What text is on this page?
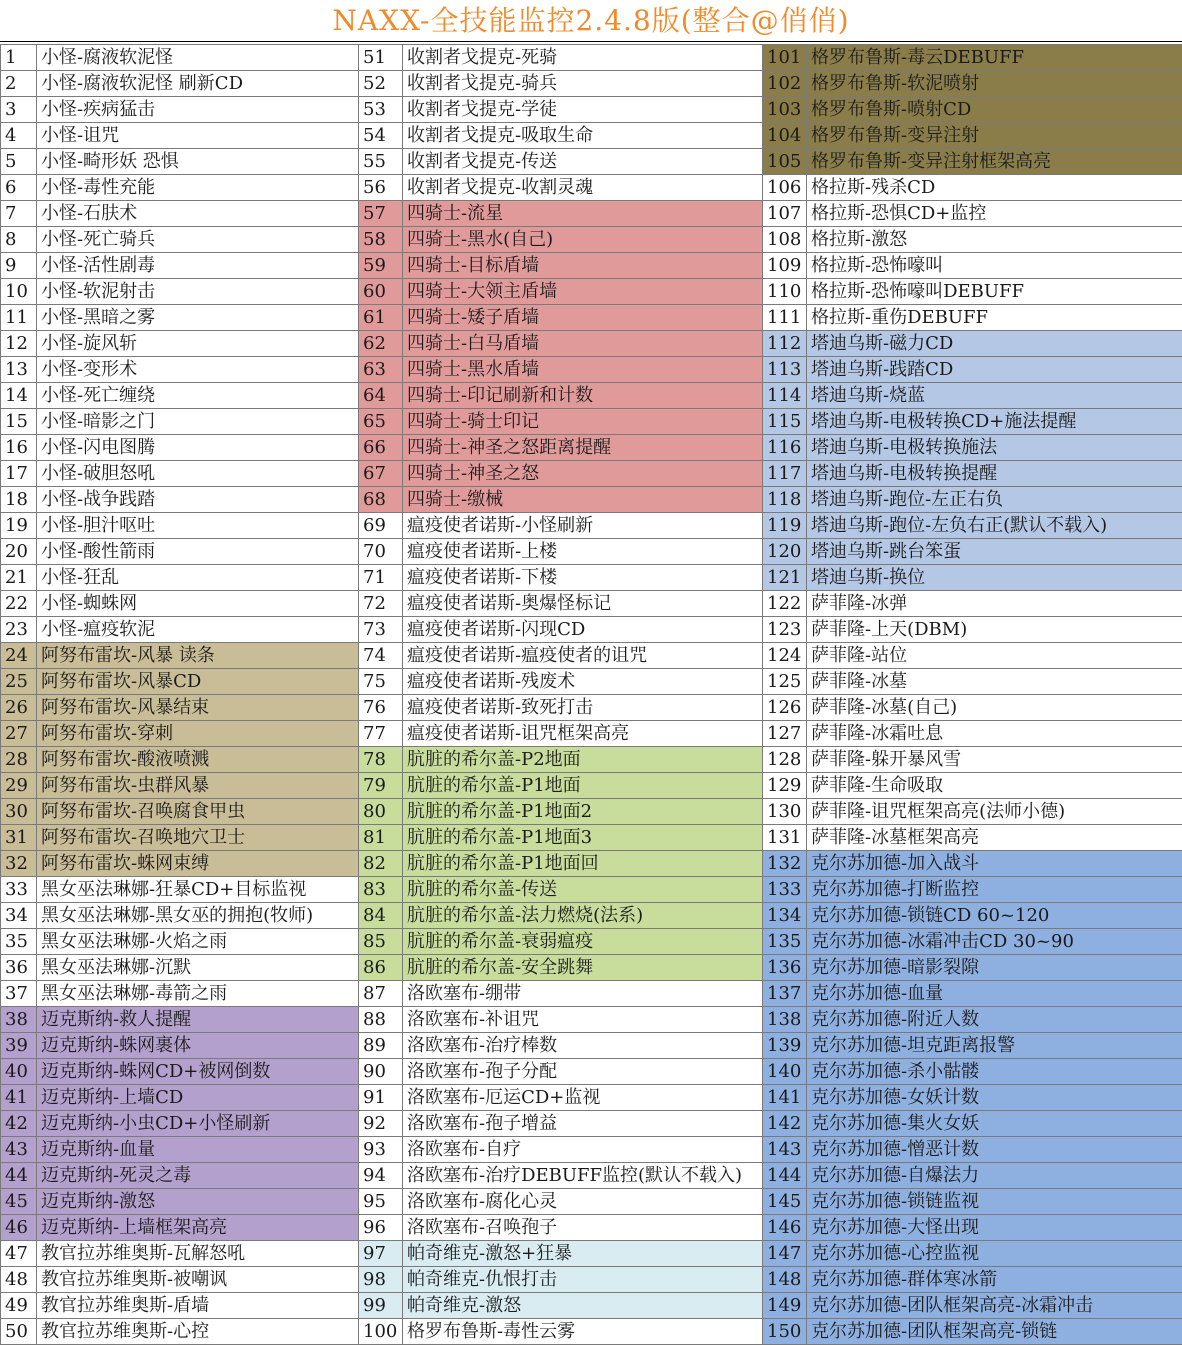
NAXX-全技能监控2.4.8版(整合@俏俏)
1	小怪-腐液软泥怪	51	收割者戈提克-死骑	101	格罗布鲁斯-毒云DEBUFF
2	小怪-腐液软泥怪 刷新CD	52	收割者戈提克-骑兵	102	格罗布鲁斯-软泥喷射
3	小怪-疾病猛击	53	收割者戈提克-学徒	103	格罗布鲁斯-喷射CD
4	小怪-诅咒	54	收割者戈提克-吸取生命	104	格罗布鲁斯-变异注射
5	小怪-畸形妖 恐惧	55	收割者戈提克-传送	105	格罗布鲁斯-变异注射框架高亮
6	小怪-毒性充能	56	收割者戈提克-收割灵魂	106	格拉斯-残杀CD
7	小怪-石肤术	57	四骑士-流星	107	格拉斯-恐惧CD+监控
8	小怪-死亡骑兵	58	四骑士-黑水(自己)	108	格拉斯-激怒
9	小怪-活性剧毒	59	四骑士-目标盾墙	109	格拉斯-恐怖嚎叫
10	小怪-软泥射击	60	四骑士-大领主盾墙	110	格拉斯-恐怖嚎叫DEBUFF
11	小怪-黑暗之雾	61	四骑士-矮子盾墙	111	格拉斯-重伤DEBUFF
12	小怪-旋风斩	62	四骑士-白马盾墙	112	塔迪乌斯-磁力CD
13	小怪-变形术	63	四骑士-黑水盾墙	113	塔迪乌斯-践踏CD
14	小怪-死亡缠绕	64	四骑士-印记刷新和计数	114	塔迪乌斯-烧蓝
15	小怪-暗影之门	65	四骑士-骑士印记	115	塔迪乌斯-电极转换CD+施法提醒
16	小怪-闪电图腾	66	四骑士-神圣之怒距离提醒	116	塔迪乌斯-电极转换施法
17	小怪-破胆怒吼	67	四骑士-神圣之怒	117	塔迪乌斯-电极转换提醒
18	小怪-战争践踏	68	四骑士-缴械	118	塔迪乌斯-跑位-左正右负
19	小怪-胆汁呕吐	69	瘟疫使者诺斯-小怪刷新	119	塔迪乌斯-跑位-左负右正(默认不载入)
20	小怪-酸性箭雨	70	瘟疫使者诺斯-上楼	120	塔迪乌斯-跳台笨蛋
21	小怪-狂乱	71	瘟疫使者诺斯-下楼	121	塔迪乌斯-换位
22	小怪-蜘蛛网	72	瘟疫使者诺斯-奥爆怪标记	122	萨菲隆-冰弹
23	小怪-瘟疫软泥	73	瘟疫使者诺斯-闪现CD	123	萨菲隆-上天(DBM)
24	阿努布雷坎-风暴 读条	74	瘟疫使者诺斯-瘟疫使者的诅咒	124	萨菲隆-站位
25	阿努布雷坎-风暴CD	75	瘟疫使者诺斯-残废术	125	萨菲隆-冰墓
26	阿努布雷坎-风暴结束	76	瘟疫使者诺斯-致死打击	126	萨菲隆-冰墓(自己)
27	阿努布雷坎-穿刺	77	瘟疫使者诺斯-诅咒框架高亮	127	萨菲隆-冰霜吐息
28	阿努布雷坎-酸液喷溅	78	肮脏的希尔盖-P2地面	128	萨菲隆-躲开暴风雪
29	阿努布雷坎-虫群风暴	79	肮脏的希尔盖-P1地面	129	萨菲隆-生命吸取
30	阿努布雷坎-召唤腐食甲虫	80	肮脏的希尔盖-P1地面2	130	萨菲隆-诅咒框架高亮(法师小德)
31	阿努布雷坎-召唤地穴卫士	81	肮脏的希尔盖-P1地面3	131	萨菲隆-冰墓框架高亮
32	阿努布雷坎-蛛网束缚	82	肮脏的希尔盖-P1地面回	132	克尔苏加德-加入战斗
33	黑女巫法琳娜-狂暴CD+目标监视	83	肮脏的希尔盖-传送	133	克尔苏加德-打断监控
34	黑女巫法琳娜-黑女巫的拥抱(牧师)	84	肮脏的希尔盖-法力燃烧(法系)	134	克尔苏加德-锁链CD 60~120
35	黑女巫法琳娜-火焰之雨	85	肮脏的希尔盖-衰弱瘟疫	135	克尔苏加德-冰霜冲击CD 30~90
36	黑女巫法琳娜-沉默	86	肮脏的希尔盖-安全跳舞	136	克尔苏加德-暗影裂隙
37	黑女巫法琳娜-毒箭之雨	87	洛欧塞布-绷带	137	克尔苏加德-血量
38	迈克斯纳-救人提醒	88	洛欧塞布-补诅咒	138	克尔苏加德-附近人数
39	迈克斯纳-蛛网裹体	89	洛欧塞布-治疗棒数	139	克尔苏加德-坦克距离报警
40	迈克斯纳-蛛网CD+被网倒数	90	洛欧塞布-孢子分配	140	克尔苏加德-杀小骷髅
41	迈克斯纳-上墙CD	91	洛欧塞布-厄运CD+监视	141	克尔苏加德-女妖计数
42	迈克斯纳-小虫CD+小怪刷新	92	洛欧塞布-孢子增益	142	克尔苏加德-集火女妖
43	迈克斯纳-血量	93	洛欧塞布-自疗	143	克尔苏加德-憎恶计数
44	迈克斯纳-死灵之毒	94	洛欧塞布-治疗DEBUFF监控(默认不载入)	144	克尔苏加德-自爆法力
45	迈克斯纳-激怒	95	洛欧塞布-腐化心灵	145	克尔苏加德-锁链监视
46	迈克斯纳-上墙框架高亮	96	洛欧塞布-召唤孢子	146	克尔苏加德-大怪出现
47	教官拉苏维奥斯-瓦解怒吼	97	帕奇维克-激怒+狂暴	147	克尔苏加德-心控监视
48	教官拉苏维奥斯-被嘲讽	98	帕奇维克-仇恨打击	148	克尔苏加德-群体寒冰箭
49	教官拉苏维奥斯-盾墙	99	帕奇维克-激怒	149	克尔苏加德-团队框架高亮-冰霜冲击
50	教官拉苏维奥斯-心控	100	格罗布鲁斯-毒性云雾	150	克尔苏加德-团队框架高亮-锁链
